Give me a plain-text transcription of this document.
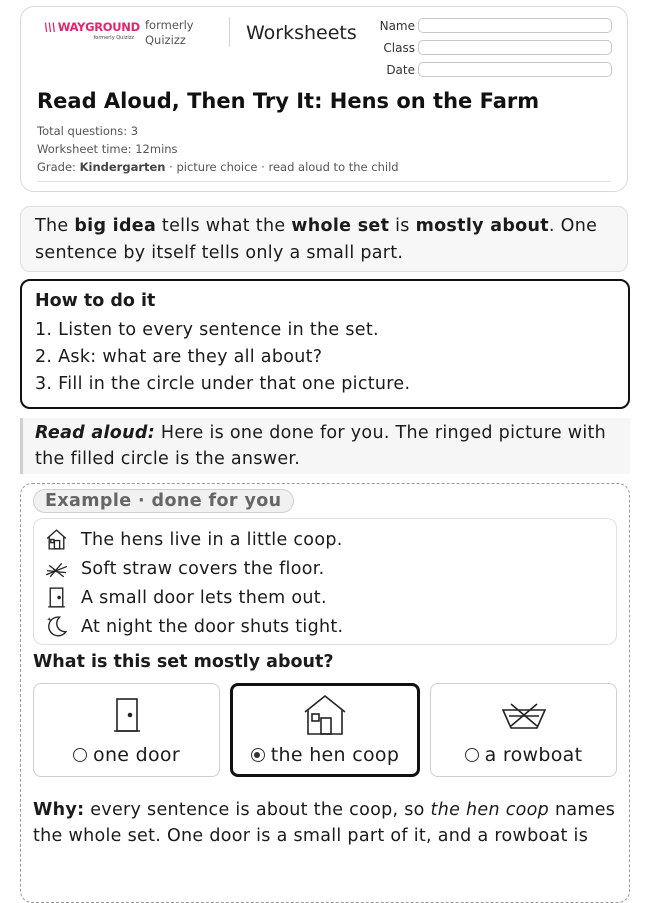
\\\ WAYGROUND
formerly Quizizz
formerly
Quizizz	Worksheets Name
Class
Date
Read Aloud, Then Try It: Hens on the Farm
Total questions: 3
Worksheet time: 12mins
Grade: Kindergarten · picture choice · read aloud to the child
The big idea tells what the whole set is mostly about. One sentence by itself tells only a small part.
How to do it
1. Listen to every sentence in the set.
2. Ask: what are they all about?
3. Fill in the circle under that one picture.
Read aloud: Here is one done for you. The ringed picture with the filled circle is the answer.
Example · done for you
The hens live in a little coop.
Soft straw covers the floor.
A small door lets them out.
At night the door shuts tight.
What is this set mostly about?
one door	the hen coop	a rowboat
Why: every sentence is about the coop, so the hen coop names the whole set. One door is a small part of it, and a rowboat is
